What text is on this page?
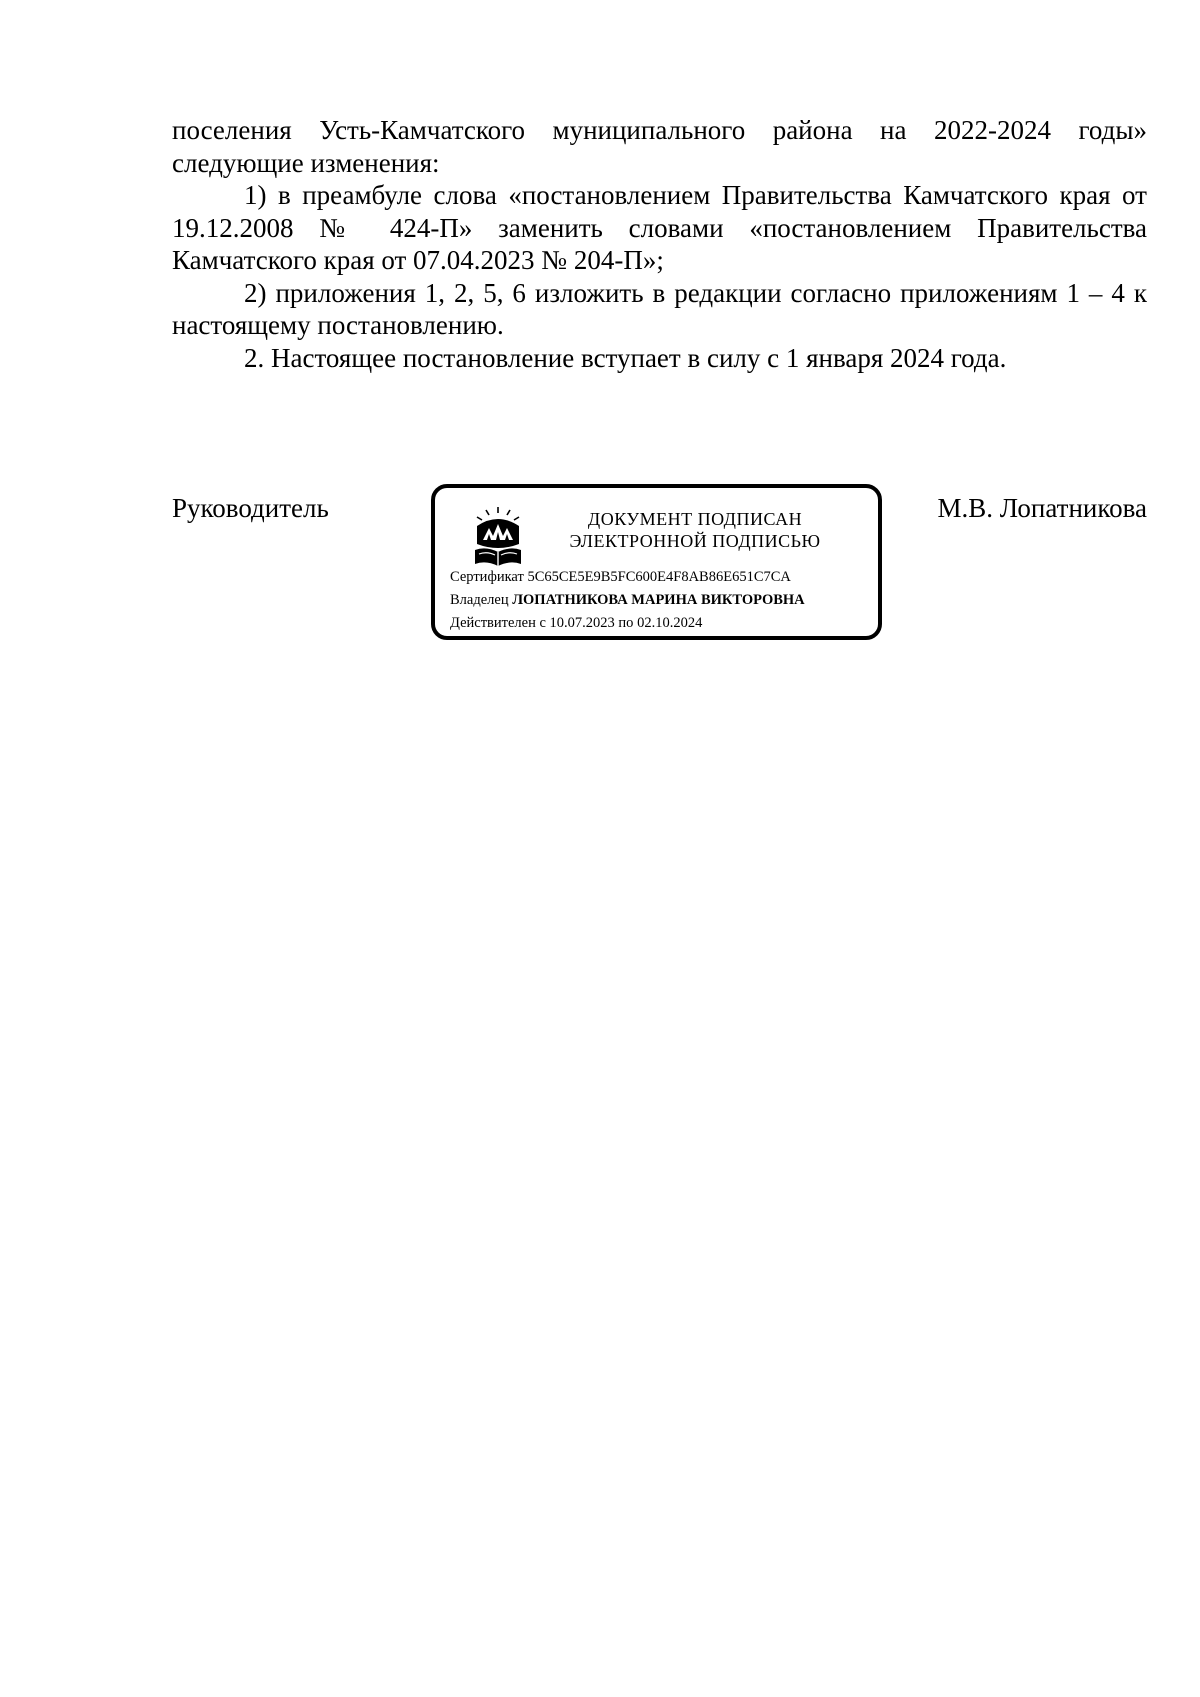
поселения Усть-Камчатского муниципального района на 2022-2024 годы» следующие изменения:

1) в преамбуле слова «постановлением Правительства Камчатского края от 19.12.2008 № 424-П» заменить словами «постановлением Правительства Камчатского края от 07.04.2023 № 204-П»;

2) приложения 1, 2, 5, 6 изложить в редакции согласно приложениям 1 – 4 к настоящему постановлению.

2. Настоящее постановление вступает в силу с 1 января 2024 года.

Руководитель	ДОКУМЕНТ ПОДПИСАН
ЭЛЕКТРОННОЙ ПОДПИСЬЮ
Сертификат 5C65CE5E9B5FC600E4F8AB86E651C7CA
Владелец ЛОПАТНИКОВА МАРИНА ВИКТОРОВНА
Действителен с 10.07.2023 по 02.10.2024
М.В. Лопатникова
